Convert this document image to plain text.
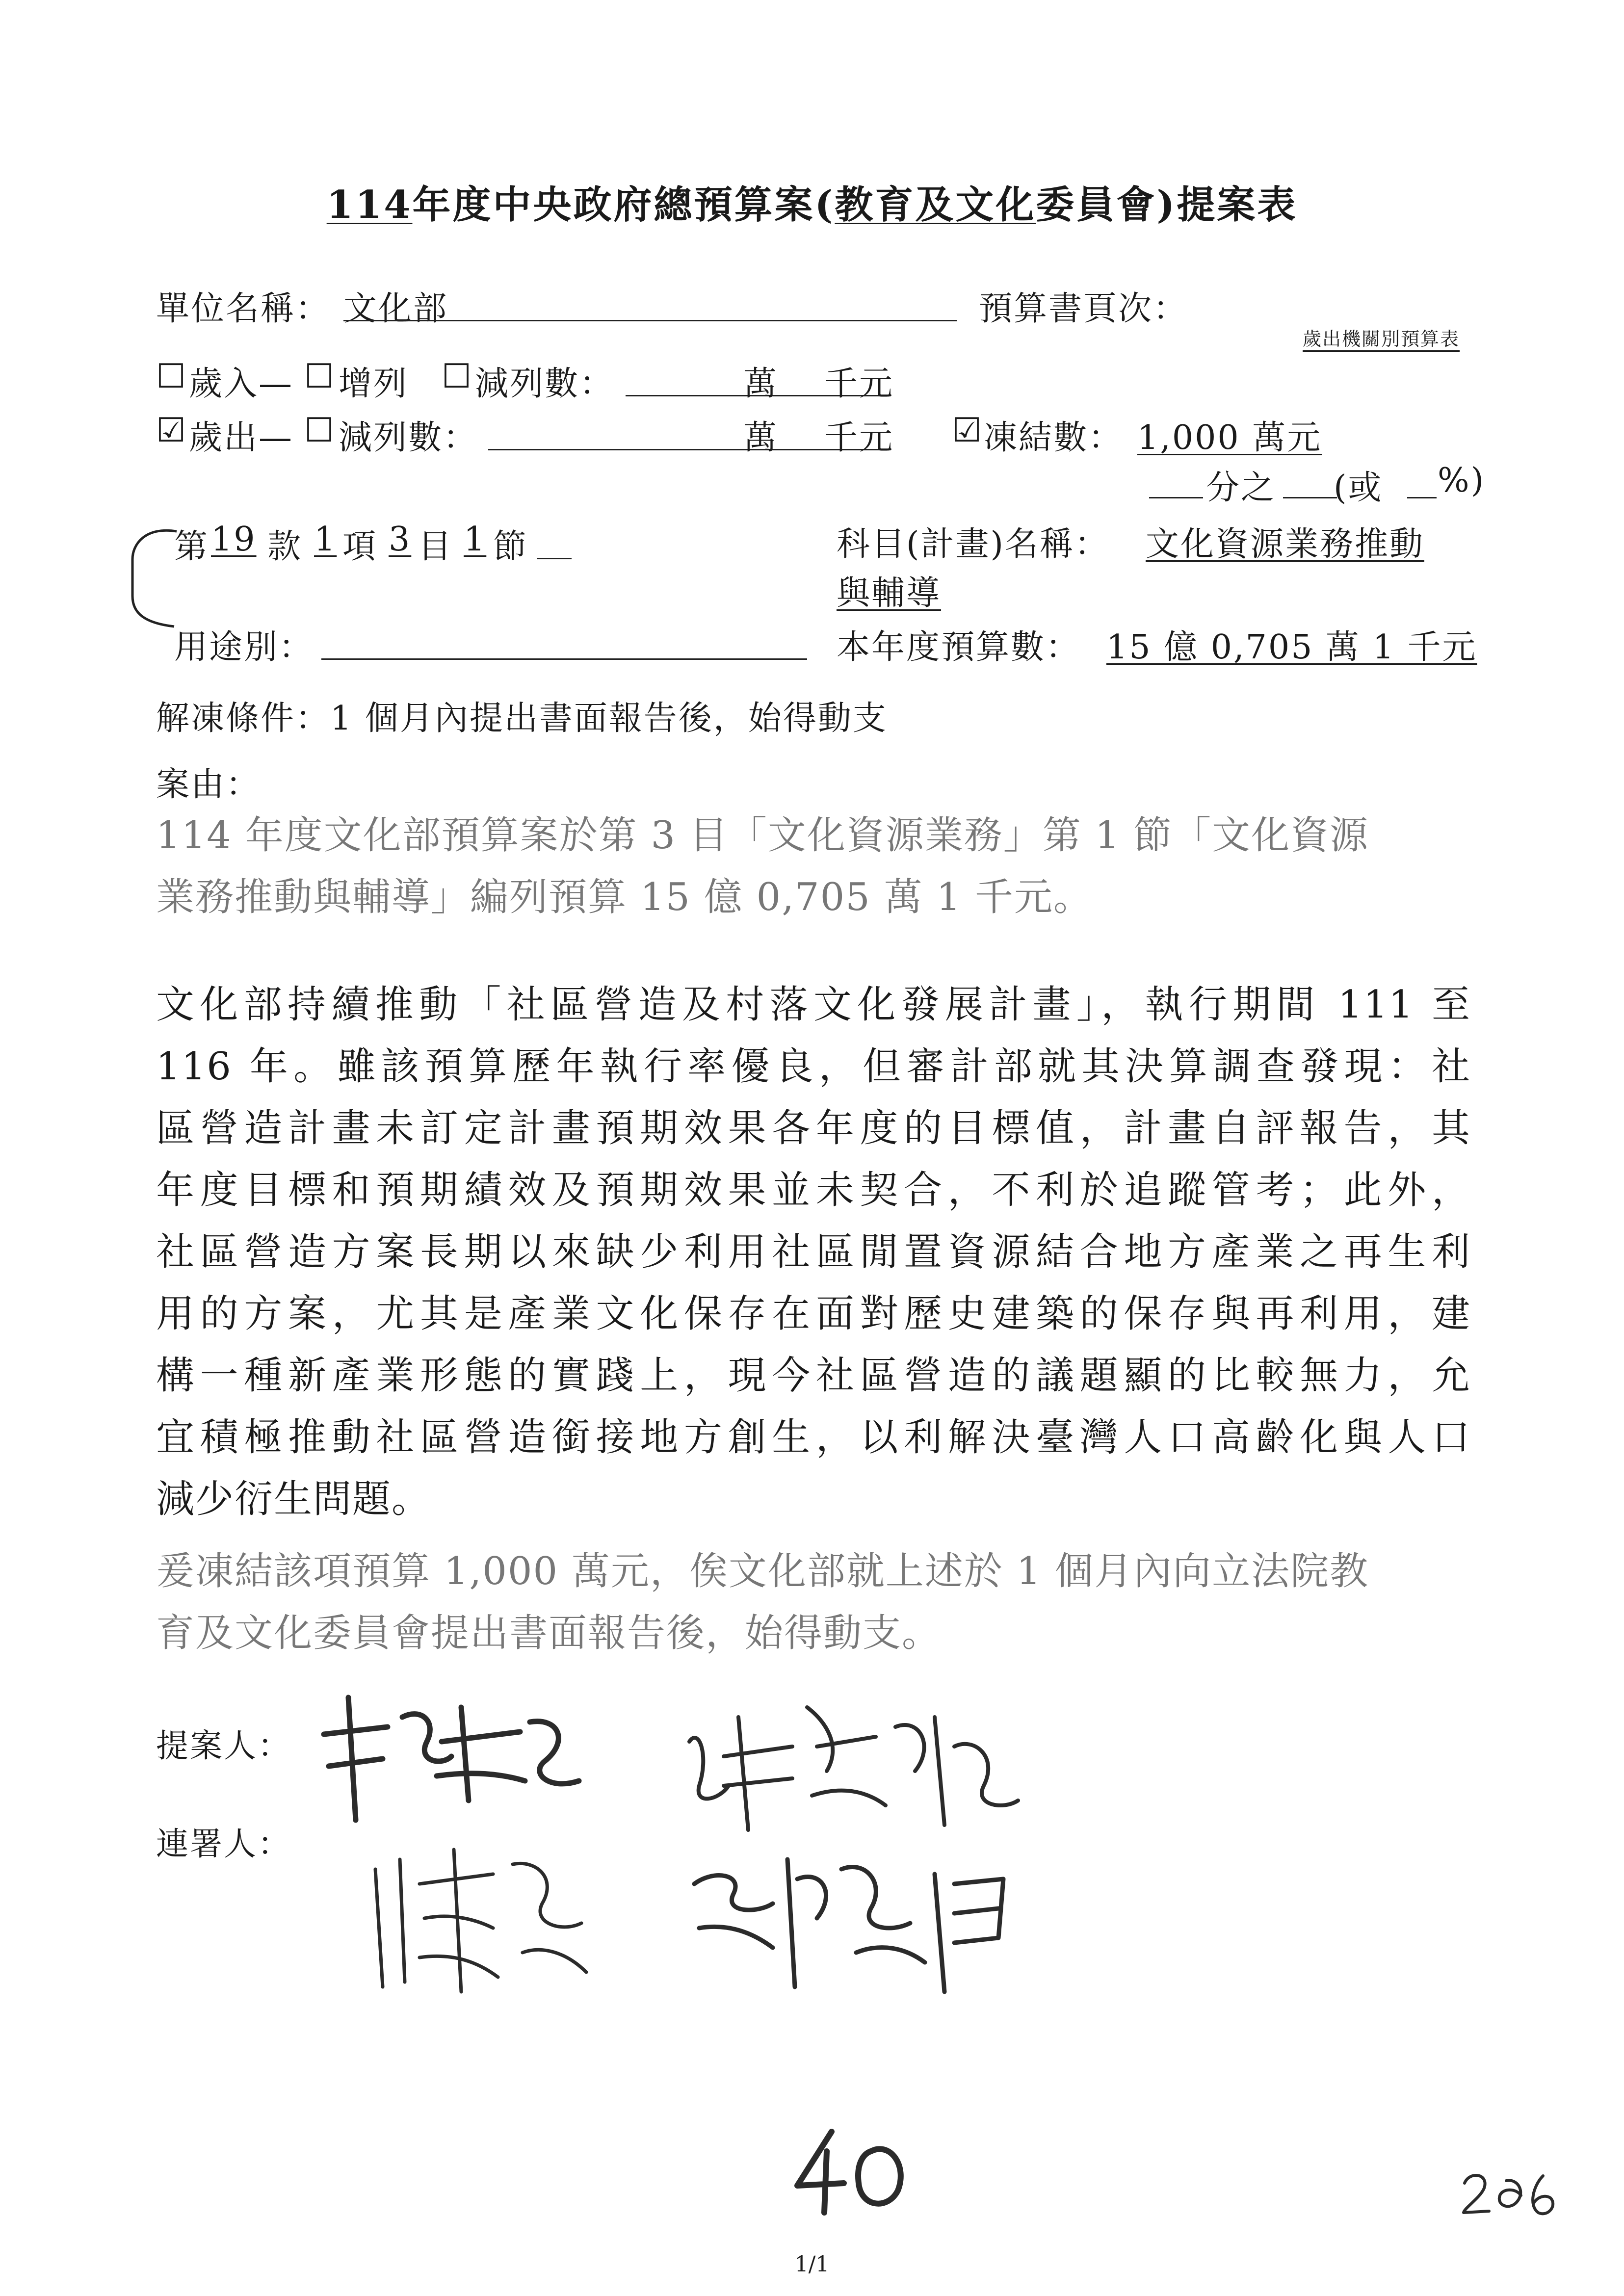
114年度中央政府總預算案(教育及文化委員會)提案表
單位名稱： 文化部	預算書頁次：
歲出機關別預算表
☐ 歲入— ☐ 增列 ☐ 減列數：	萬 千元
☑ 歲出— ☐ 減列數：	萬 千元 ☑ 凍結數： 1,000 萬元
分之 (或 %)
第 19 款 1 項 3 目 1 節	科目(計畫)名稱： 文化資源業務推動
與輔導
用途別：	本年度預算數： 15 億 0,705 萬 1 千元
解凍條件：1 個月內提出書面報告後，始得動支
案由：
114 年度文化部預算案於第 3 目「文化資源業務」第 1 節「文化資源
業務推動與輔導」編列預算 15 億 0,705 萬 1 千元。
文化部持續推動「社區營造及村落文化發展計畫」，執行期間 111 至
116 年。雖該預算歷年執行率優良，但審計部就其決算調查發現：社
區營造計畫未訂定計畫預期效果各年度的目標值，計畫自評報告，其
年度目標和預期績效及預期效果並未契合，不利於追蹤管考；此外，
社區營造方案長期以來缺少利用社區閒置資源結合地方產業之再生利
用的方案，尤其是產業文化保存在面對歷史建築的保存與再利用，建
構一種新產業形態的實踐上，現今社區營造的議題顯的比較無力，允
宜積極推動社區營造銜接地方創生，以利解決臺灣人口高齡化與人口
減少衍生問題。
爰凍結該項預算 1,000 萬元，俟文化部就上述於 1 個月內向立法院教
育及文化委員會提出書面報告後，始得動支。
提案人：
連署人：
1/1
